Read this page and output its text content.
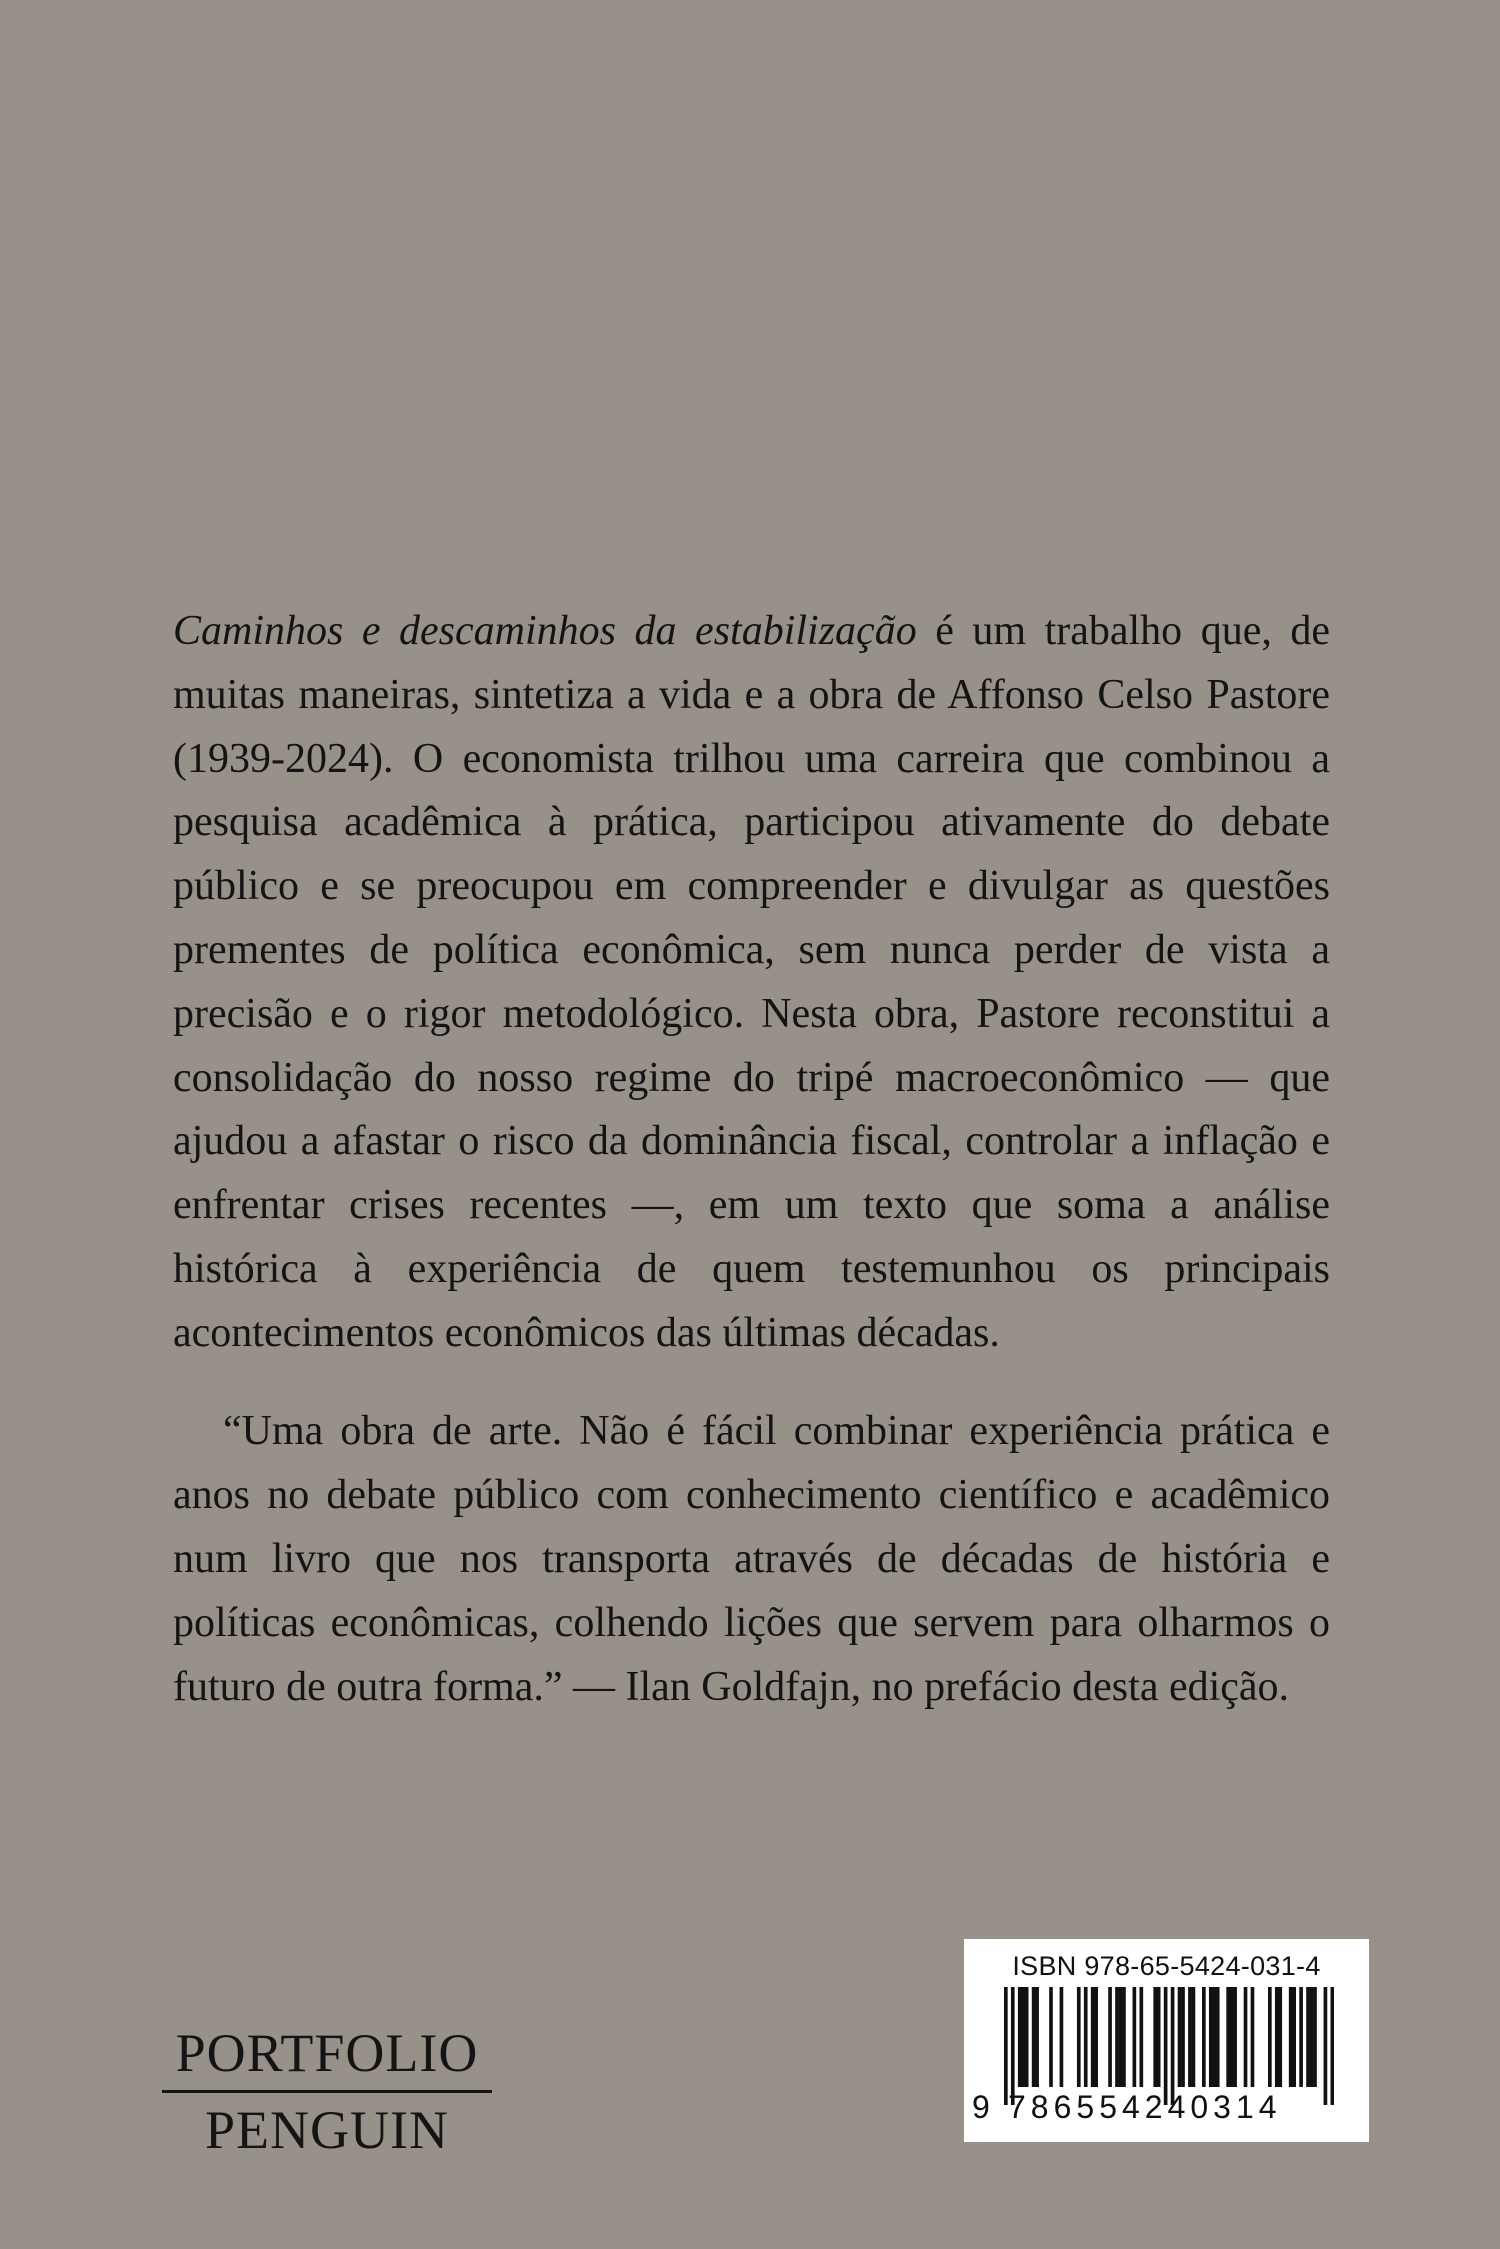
Caminhos e descaminhos da estabilização é um trabalho que, de muitas maneiras, sintetiza a vida e a obra de Affonso Celso Pastore (1939-2024). O economista trilhou uma carreira que combinou a pesquisa acadêmica à prática, participou ativamente do debate público e se preocupou em compreender e divulgar as questões prementes de política econômica, sem nunca perder de vista a precisão e o rigor metodológico. Nesta obra, Pastore reconstitui a consolidação do nosso regime do tripé macroeconômico — que ajudou a afastar o risco da dominância fiscal, controlar a inflação e enfrentar crises recentes —, em um texto que soma a análise histórica à experiência de quem testemunhou os principais acontecimentos econômicos das últimas décadas.

“Uma obra de arte. Não é fácil combinar experiência prática e anos no debate público com conhecimento científico e acadêmico num livro que nos transporta através de décadas de história e políticas econômicas, colhendo lições que servem para olharmos o futuro de outra forma.” — Ilan Goldfajn, no prefácio desta edição.

PORTFOLIO
PENGUIN
ISBN 978-65-5424-031-4
9 786554240314
